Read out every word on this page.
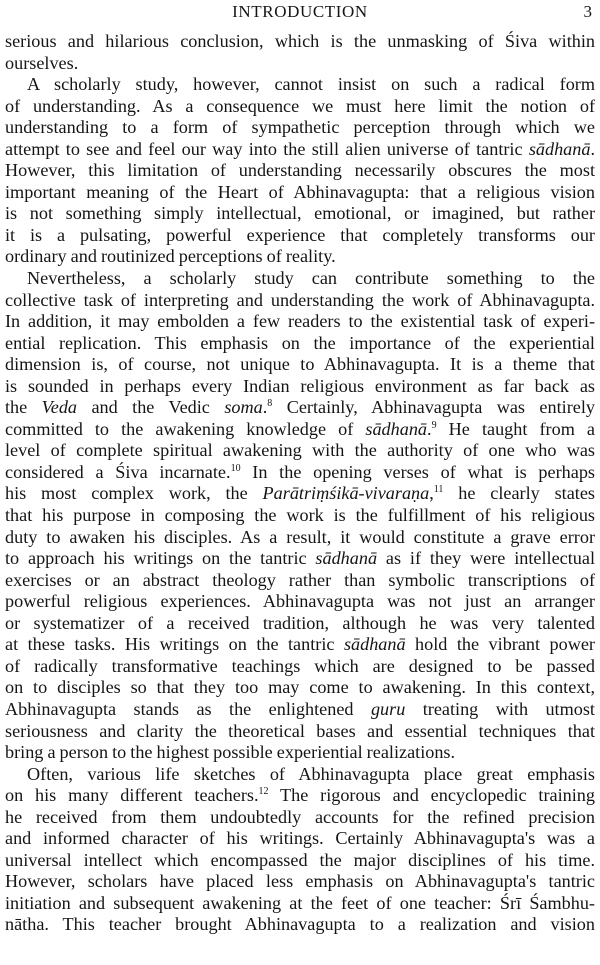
INTRODUCTION	3
serious and hilarious conclusion, which is the unmasking of Śiva within
ourselves.
A scholarly study, however, cannot insist on such a radical form
of understanding. As a consequence we must here limit the notion of
understanding to a form of sympathetic perception through which we
attempt to see and feel our way into the still alien universe of tantric sādhanā.
However, this limitation of understanding necessarily obscures the most
important meaning of the Heart of Abhinavagupta: that a religious vision
is not something simply intellectual, emotional, or imagined, but rather
it is a pulsating, powerful experience that completely transforms our
ordinary and routinized perceptions of reality.
Nevertheless, a scholarly study can contribute something to the
collective task of interpreting and understanding the work of Abhinavagupta.
In addition, it may embolden a few readers to the existential task of experi-
ential replication. This emphasis on the importance of the experiential
dimension is, of course, not unique to Abhinavagupta. It is a theme that
is sounded in perhaps every Indian religious environment as far back as
the Veda and the Vedic soma.$^8$ Certainly, Abhinavagupta was entirely
committed to the awakening knowledge of sādhanā.$^9$ He taught from a
level of complete spiritual awakening with the authority of one who was
considered a Śiva incarnate.$^{10}$ In the opening verses of what is perhaps
his most complex work, the Parātriṃśikā-vivaraṇa,$^{11}$ he clearly states
that his purpose in composing the work is the fulfillment of his religious
duty to awaken his disciples. As a result, it would constitute a grave error
to approach his writings on the tantric sādhanā as if they were intellectual
exercises or an abstract theology rather than symbolic transcriptions of
powerful religious experiences. Abhinavagupta was not just an arranger
or systematizer of a received tradition, although he was very talented
at these tasks. His writings on the tantric sādhanā hold the vibrant power
of radically transformative teachings which are designed to be passed
on to disciples so that they too may come to awakening. In this context,
Abhinavagupta stands as the enlightened guru treating with utmost
seriousness and clarity the theoretical bases and essential techniques that
bring a person to the highest possible experiential realizations.
Often, various life sketches of Abhinavagupta place great emphasis
on his many different teachers.$^{12}$ The rigorous and encyclopedic training
he received from them undoubtedly accounts for the refined precision
and informed character of his writings. Certainly Abhinavagupta's was a
universal intellect which encompassed the major disciplines of his time.
However, scholars have placed less emphasis on Abhinavagupta's tantric
initiation and subsequent awakening at the feet of one teacher: Śrī Śambhu-
nātha. This teacher brought Abhinavagupta to a realization and vision
